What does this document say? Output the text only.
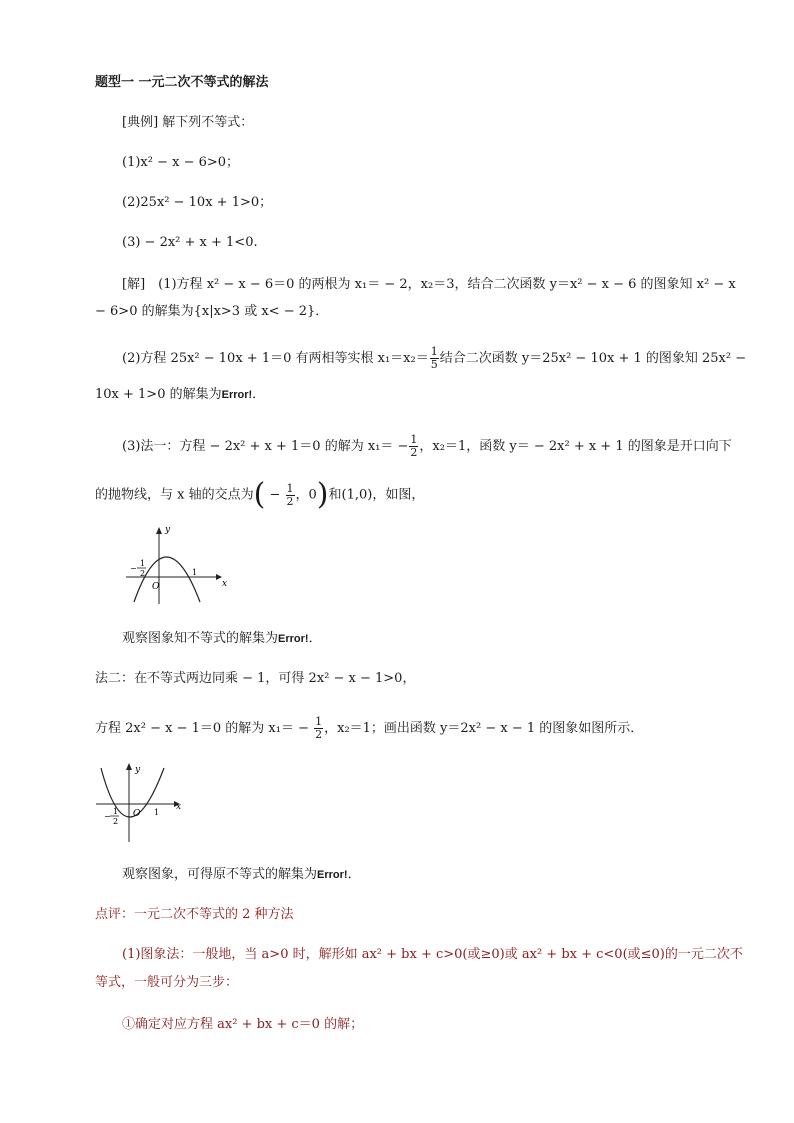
题型一 一元二次不等式的解法
[典例] 解下列不等式：
(1)x² − x − 6>0；
(2)25x² − 10x + 1>0；
(3) − 2x² + x + 1<0.
[解]　(1)方程 x² − x − 6＝0 的两根为 x₁＝ − 2，x₂＝3，结合二次函数 y＝x² − x − 6 的图象知 x² − x
− 6>0 的解集为{x|x>3 或 x< − 2}．
(2)方程 25x² − 10x + 1＝0 有两相等实根 $x_1=x_2= \frac{1}{5}$ 结合二次函数 y＝25x² − 10x + 1 的图象知 25x² −
10x + 1>0 的解集为Error!．
(3)法一：方程 − 2x² + x + 1＝0 的解为 $x_1= - \frac{1}{2}$ ，x₂＝1，函数 y＝ − 2x² + x + 1 的图象是开口向下
的抛物线，与 x 轴的交点为( − $\frac{1}{2}$ ，0)和(1,0)，如图，
y
x
O
1
2
−	1
观察图象知不等式的解集为Error!．
法二：在不等式两边同乘 − 1，可得 2x² − x − 1>0，
方程 2x² − x − 1＝0 的解为 $x_1= - \frac{1}{2}$ ，x₂＝1；画出函数 y＝2x² − x − 1 的图象如图所示．
y
x
O
1
2
−	1
观察图象，可得原不等式的解集为Error!．
点评：一元二次不等式的 2 种方法
(1)图象法：一般地，当 a>0 时，解形如 ax² + bx + c>0(或≥0)或 ax² + bx + c<0(或≤0)的一元二次不
等式，一般可分为三步：
①确定对应方程 ax² + bx + c＝0 的解；
